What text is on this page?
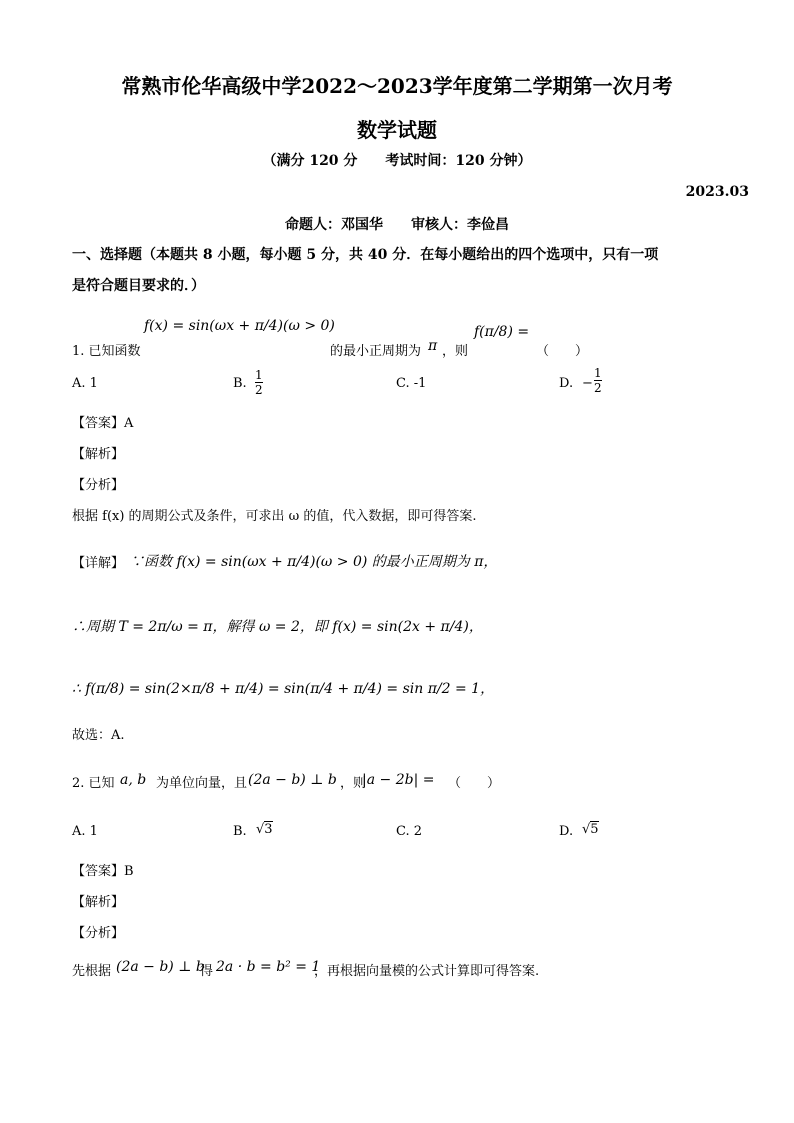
常熟市伦华高级中学2022～2023学年度第二学期第一次月考
数学试题
（满分 120 分　　考试时间：120 分钟）
2023.03
命题人：邓国华　　审核人：李俭昌
一、选择题（本题共 8 小题，每小题 5 分，共 40 分．在每小题给出的四个选项中，只有一项
是符合题目要求的．）
1. 已知函数
f(x) = sin(ωx + π/4)(ω > 0)
的最小正周期为 π ，则
f(π/8) =
（　　）
A. 1	B. $\frac{1}{2}$	C. -1	D. − $\frac{1}{2}$
【答案】A
【解析】
【分析】
根据 f(x) 的周期公式及条件，可求出 ω 的值，代入数据，即可得答案.
【详解】 ∵函数 f(x) = sin(ωx + π/4)(ω > 0) 的最小正周期为 π，
∴周期 T = 2π/ω = π，解得 ω = 2，即 f(x) = sin(2x + π/4)，
∴ f(π/8) = sin(2×π/8 + π/4) = sin(π/4 + π/4) = sin π/2 = 1，
故选：A.
2. 已知 a, b 为单位向量，且 (2a − b) ⊥ b ，则
|a − 2b| = （　　）
A. 1	B. √3	C. 2	D. √5
【答案】B
【解析】
【分析】
先根据 (2a − b) ⊥ b
得 2a · b = b² = 1
，再根据向量模的公式计算即可得答案.
